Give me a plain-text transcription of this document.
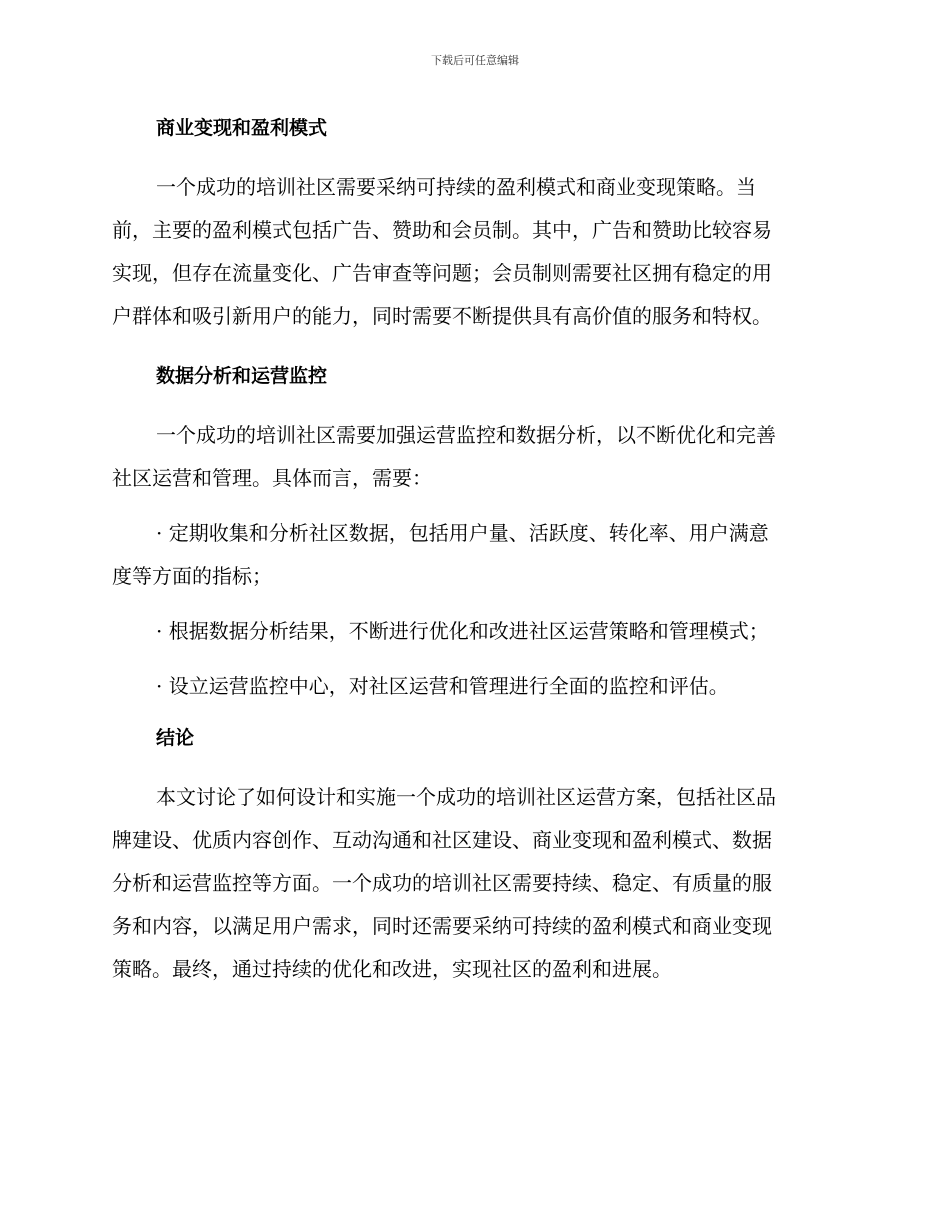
下载后可任意编辑
商业变现和盈利模式
一个成功的培训社区需要采纳可持续的盈利模式和商业变现策略。当
前，主要的盈利模式包括广告、赞助和会员制。其中，广告和赞助比较容易
实现，但存在流量变化、广告审查等问题；会员制则需要社区拥有稳定的用
户群体和吸引新用户的能力，同时需要不断提供具有高价值的服务和特权。
数据分析和运营监控
一个成功的培训社区需要加强运营监控和数据分析，以不断优化和完善
社区运营和管理。具体而言，需要：
· 定期收集和分析社区数据，包括用户量、活跃度、转化率、用户满意
度等方面的指标；
· 根据数据分析结果，不断进行优化和改进社区运营策略和管理模式；
· 设立运营监控中心，对社区运营和管理进行全面的监控和评估。
结论
本文讨论了如何设计和实施一个成功的培训社区运营方案，包括社区品
牌建设、优质内容创作、互动沟通和社区建设、商业变现和盈利模式、数据
分析和运营监控等方面。一个成功的培训社区需要持续、稳定、有质量的服
务和内容，以满足用户需求，同时还需要采纳可持续的盈利模式和商业变现
策略。最终，通过持续的优化和改进，实现社区的盈利和进展。
